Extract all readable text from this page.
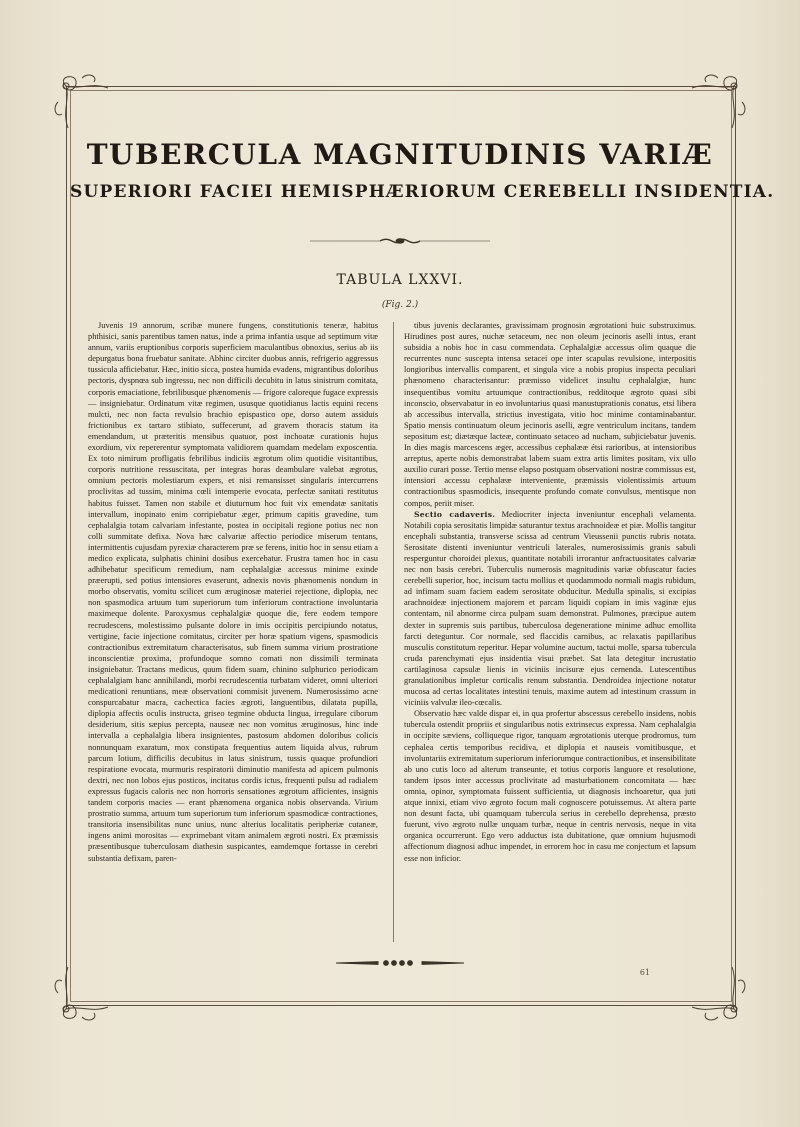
TUBERCULA MAGNITUDINIS VARIÆ
SUPERIORI FACIEI HEMISPHÆRIORUM CEREBELLI INSIDENTIA.
TABULA LXXVI.
(Fig. 2.)

Juvenis 19 annorum, scribæ munere fungens, constitutionis teneræ, habitus phthisici, sanis parentibus tamen natus, inde a prima infantia usque ad septimum vitæ annum, variis eruptionibus corporis superficiem maculantibus obnoxius, serius ab iis depurgatus bona fruebatur sanitate. Abhinc circiter duobus annis, refrigerio aggressus tussicula afficiebatur. Hæc, initio sicca, postea humida evadens, migrantibus doloribus pectoris, dyspnœa sub ingressu, nec non difficili decubitu in latus sinistrum comitata, corporis emaciatione, febrilibusque phænomenis — frigore caloreque fugace expressis — insigniebatur. Ordinatum vitæ regimen, ususque quotidianus lactis equini recens mulcti, nec non facta revulsio brachio epispastico ope, dorso autem assiduis frictionibus ex tartaro stibiato, suffecerunt, ad gravem thoracis statum ita emendandum, ut præteritis mensibus quatuor, post inchoatæ curationis hujus exordium, vix repererentur symptomata validiorem quamdam medelam exposcentia. Ex toto nimirum profligatis febrilibus indiciis ægrotum olim quotidie visitantibus, corporis nutritione ressuscitata, per integras horas deambulare valebat ægrotus, omnium pectoris molestiarum expers, et nisi remansisset singularis intercurrens proclivitas ad tussim, minima cœli intemperie evocata, perfectæ sanitati restitutus habitus fuisset. Tamen non stabile et diuturnum hoc fuit vix emendatæ sanitatis intervallum, inopinato enim corripiebatur æger, primum capitis gravedine, tum cephalalgia totam calvariam infestante, postea in occipitali regione potius nec non colli summitate defixa. Nova hæc calvariæ affectio periodice miserum tentans, intermittentis cujusdam pyrexiæ characterem præ se ferens, initio hoc in sensu etiam a medico explicata, sulphatis chinini dosibus exercebatur. Frustra tamen hoc in casu adhibebatur specificum remedium, nam cephalalgiæ accessus minime exinde præerupti, sed potius intensiores evaserunt, adnexis novis phænomenis nondum in morbo observatis, vomitu scilicet cum æruginosæ materiei rejectione, diplopia, nec non spasmodica artuum tum superiorum tum inferiorum contractione involuntaria maximeque dolente. Paroxysmus cephalalgiæ quoque die, fere eodem tempore recrudescens, molestissimo pulsante dolore in imis occipitis percipiundo notatus, vertigine, facie injectione comitatus, circiter per horæ spatium vigens, spasmodicis contractionibus extremitatum characterisatus, sub finem summa virium prostratione inconscientiæ proxima, profundoque somno comati non dissimili terminata insigniebatur. Tractans medicus, quum fidem suam, chinino sulphurico periodicam cephalalgiam hanc annihilandi, morbi recrudescentia turbatam videret, omni ulteriori medicationi renuntians, meæ observationi commisit juvenem. Numerosissimo acne conspurcabatur macra, cachectica facies ægroti, languentibus, dilatata pupilla, diplopia affectis oculis instructa, griseo tegmine obducta lingua, irregulare ciborum desiderium, sitis sæpius percepta, nauseæ nec non vomitus æruginosus, hinc inde intervalla a cephalalgia libera insignientes, pastosum abdomen doloribus colicis nonnunquam exaratum, mox constipata frequentius autem liquida alvus, rubrum parcum lotium, difficilis decubitus in latus sinistrum, tussis quaque profundiori respiratione evocata, murmuris respiratorii diminutio manifesta ad apicem pulmonis dextri, nec non lobos ejus posticos, incitatus cordis ictus, frequenti pulsu ad radialem expressus fugacis caloris nec non horroris sensationes ægrotum afficientes, insignis tandem corporis macies — erant phænomena organica nobis observanda. Virium prostratio summa, artuum tum superiorum tum inferiorum spasmodicæ contractiones, transitoria insensibilitas nunc unius, nunc alterius localitatis peripheriæ cutaneæ, ingens animi morositas — exprimebant vitam animalem ægroti nostri. Ex præmissis præsentibusque tuberculosam diathesin suspicantes, eamdemque fortasse in cerebri substantia defixam, paren-

tibus juvenis declarantes, gravissimam prognosin ægrotationi huic substruximus. Hirudines post aures, nuchæ setaceum, nec non oleum jecinoris aselli intus, erant subsidia a nobis hoc in casu commendata. Cephalalgiæ accessus olim quaque die recurrentes nunc suscepta intensa setacei ope inter scapulas revulsione, interpositis longioribus intervallis comparent, et singula vice a nobis propius inspecta peculiari phænomeno characterisantur: præmisso videlicet insultu cephalalgiæ, hunc insequentibus vomitu artuumque contractionibus, redditoque ægroto quasi sibi inconscio, observabatur in eo involuntarius quasi manustuprationis conatus, etsi libera ab accessibus intervalla, strictius investigata, vitio hoc minime contaminabantur. Spatio mensis continuatum oleum jecinoris aselli, ægre ventriculum incitans, tandem sepositum est; diætæque lacteæ, continuato setaceo ad nucham, subjiciebatur juvenis. In dies magis marcescens æger, accessibus cephalææ étsi rarioribus, at intensioribus arreptus, aperte nobis demonstrabat labem suam extra artis limites positam, vix ullo auxilio curari posse. Tertio mense elapso postquam observationi nostræ commissus est, intensiori accessu cephalææ interveniente, præmissis violentissimis artuum contractionibus spasmodicis, insequente profundo comate convulsus, mentisque non compos, periit miser.

Sectio cadaveris. Mediocriter injecta inveniuntur encephali velamenta. Notabili copia serositatis limpidæ saturantur textus arachnoideæ et piæ. Mollis tangitur encephali substantia, transverse scissa ad centrum Vieussenii punctis rubris notata. Serositate distenti inveniuntur ventriculi laterales, numerosissimis granis sabuli resperguntur choroidei plexus, quantitate notabili irrorantur anfractuositates calvariæ nec non basis cerebri. Tuberculis numerosis magnitudinis variæ obfuscatur facies cerebelli superior, hoc, incisum tactu mollius et quodammodo normali magis rubidum, ad infimam suam faciem eadem serositate obducitur. Medulla spinalis, si excipias arachnoideæ injectionem majorem et parcam liquidi copiam in imis vaginæ ejus contentam, nil abnorme circa pulpam suam demonstrat. Pulmones, præcipue autem dexter in supremis suis partibus, tuberculosa degeneratione minime adhuc emollita farcti deteguntur. Cor normale, sed flaccidis carnibus, ac relaxatis papillaribus musculis constitutum reperitur. Hepar volumine auctum, tactui molle, sparsa tubercula cruda parenchymati ejus insidentia visui præbet. Sat lata detegitur incrustatio cartilaginosa capsulæ lienis in viciniis incisuræ ejus cernenda. Lutescentibus granulationibus impletur corticalis renum substantia. Dendroidea injectione notatur mucosa ad certas localitates intestini tenuis, maxime autem ad intestinum crassum in viciniis valvulæ ileo-cœcalis.

Observatio hæc valde dispar ei, in qua profertur abscessus cerebello insidens, nobis tubercula ostendit propriis et singularibus notis extrinsecus expressa. Nam cephalalgia in occipite sæviens, colliqueque rigor, tanquam ægrotationis uterque prodromus, tum cephalea certis temporibus recidiva, et diplopia et nauseis vomitibusque, et involuntariis extremitatum superiorum inferiorumque contractionibus, et insensibilitate ab uno cutis loco ad alterum transeunte, et totius corporis languore et resolutione, tandem ipsos inter accessus proclivitate ad masturbationem concomitata — hæc omnia, opinor, symptomata fuissent sufficientia, ut diagnosis inchoaretur, qua juti atque innixi, etiam vivo ægroto focum mali cognoscere potuissemus. At altera parte non desunt facta, ubi quamquam tubercula serius in cerebello deprehensa, præsto fuerunt, vivo ægroto nullæ unquam turbæ, neque in centris nervosis, neque in vita organica occurrerunt. Ego vero adductus ista dubitatione, quæ omnium hujusmodi affectionum diagnosi adhuc impendet, in errorem hoc in casu me conjectum et lapsum esse non inficior.

61
